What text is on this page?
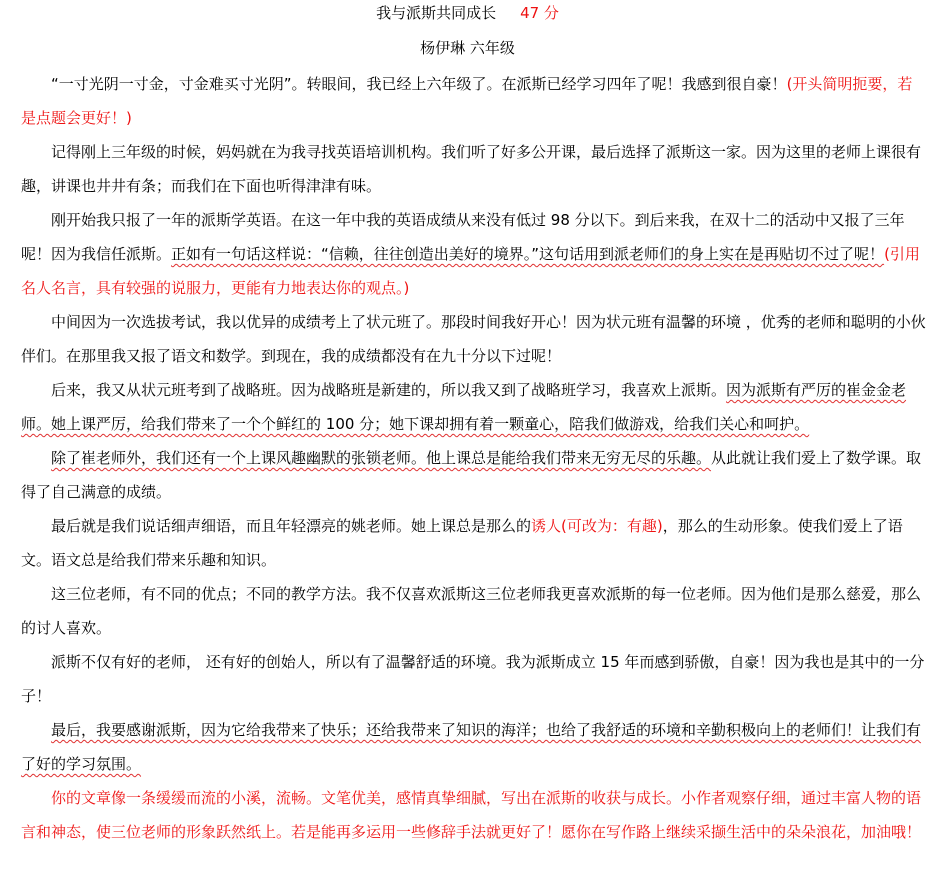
我与派斯共同成长 47 分
杨伊琳 六年级

“一寸光阴一寸金，寸金难买寸光阴”。转眼间，我已经上六年级了。在派斯已经学习四年了呢！我感到很自豪！(开头简明扼要，若是点题会更好！)

记得刚上三年级的时候，妈妈就在为我寻找英语培训机构。我们听了好多公开课，最后选择了派斯这一家。因为这里的老师上课很有趣，讲课也井井有条；而我们在下面也听得津津有味。

刚开始我只报了一年的派斯学英语。在这一年中我的英语成绩从来没有低过 98 分以下。到后来我，在双十二的活动中又报了三年呢！因为我信任派斯。正如有一句话这样说：“信赖，往往创造出美好的境界。”这句话用到派老师们的身上实在是再贴切不过了呢！(引用名人名言，具有较强的说服力，更能有力地表达你的观点。)

中间因为一次选拔考试，我以优异的成绩考上了状元班了。那段时间我好开心！因为状元班有温馨的环境 ，优秀的老师和聪明的小伙伴们。在那里我又报了语文和数学。到现在，我的成绩都没有在九十分以下过呢！

后来，我又从状元班考到了战略班。因为战略班是新建的，所以我又到了战略班学习，我喜欢上派斯。因为派斯有严厉的崔金金老师。她上课严厉，给我们带来了一个个鲜红的 100 分；她下课却拥有着一颗童心，陪我们做游戏，给我们关心和呵护。

除了崔老师外，我们还有一个上课风趣幽默的张锁老师。他上课总是能给我们带来无穷无尽的乐趣。从此就让我们爱上了数学课。取得了自己满意的成绩。

最后就是我们说话细声细语，而且年轻漂亮的姚老师。她上课总是那么的诱人(可改为：有趣)，那么的生动形象。使我们爱上了语文。语文总是给我们带来乐趣和知识。

这三位老师，有不同的优点；不同的教学方法。我不仅喜欢派斯这三位老师我更喜欢派斯的每一位老师。因为他们是那么慈爱，那么的讨人喜欢。

派斯不仅有好的老师， 还有好的创始人，所以有了温馨舒适的环境。我为派斯成立 15 年而感到骄傲，自豪！因为我也是其中的一分子！

最后，我要感谢派斯，因为它给我带来了快乐；还给我带来了知识的海洋；也给了我舒适的环境和辛勤积极向上的老师们！让我们有了好的学习氛围。

你的文章像一条缓缓而流的小溪，流畅。文笔优美，感情真挚细腻，写出在派斯的收获与成长。小作者观察仔细，通过丰富人物的语言和神态，使三位老师的形象跃然纸上。若是能再多运用一些修辞手法就更好了！愿你在写作路上继续采撷生活中的朵朵浪花，加油哦！
